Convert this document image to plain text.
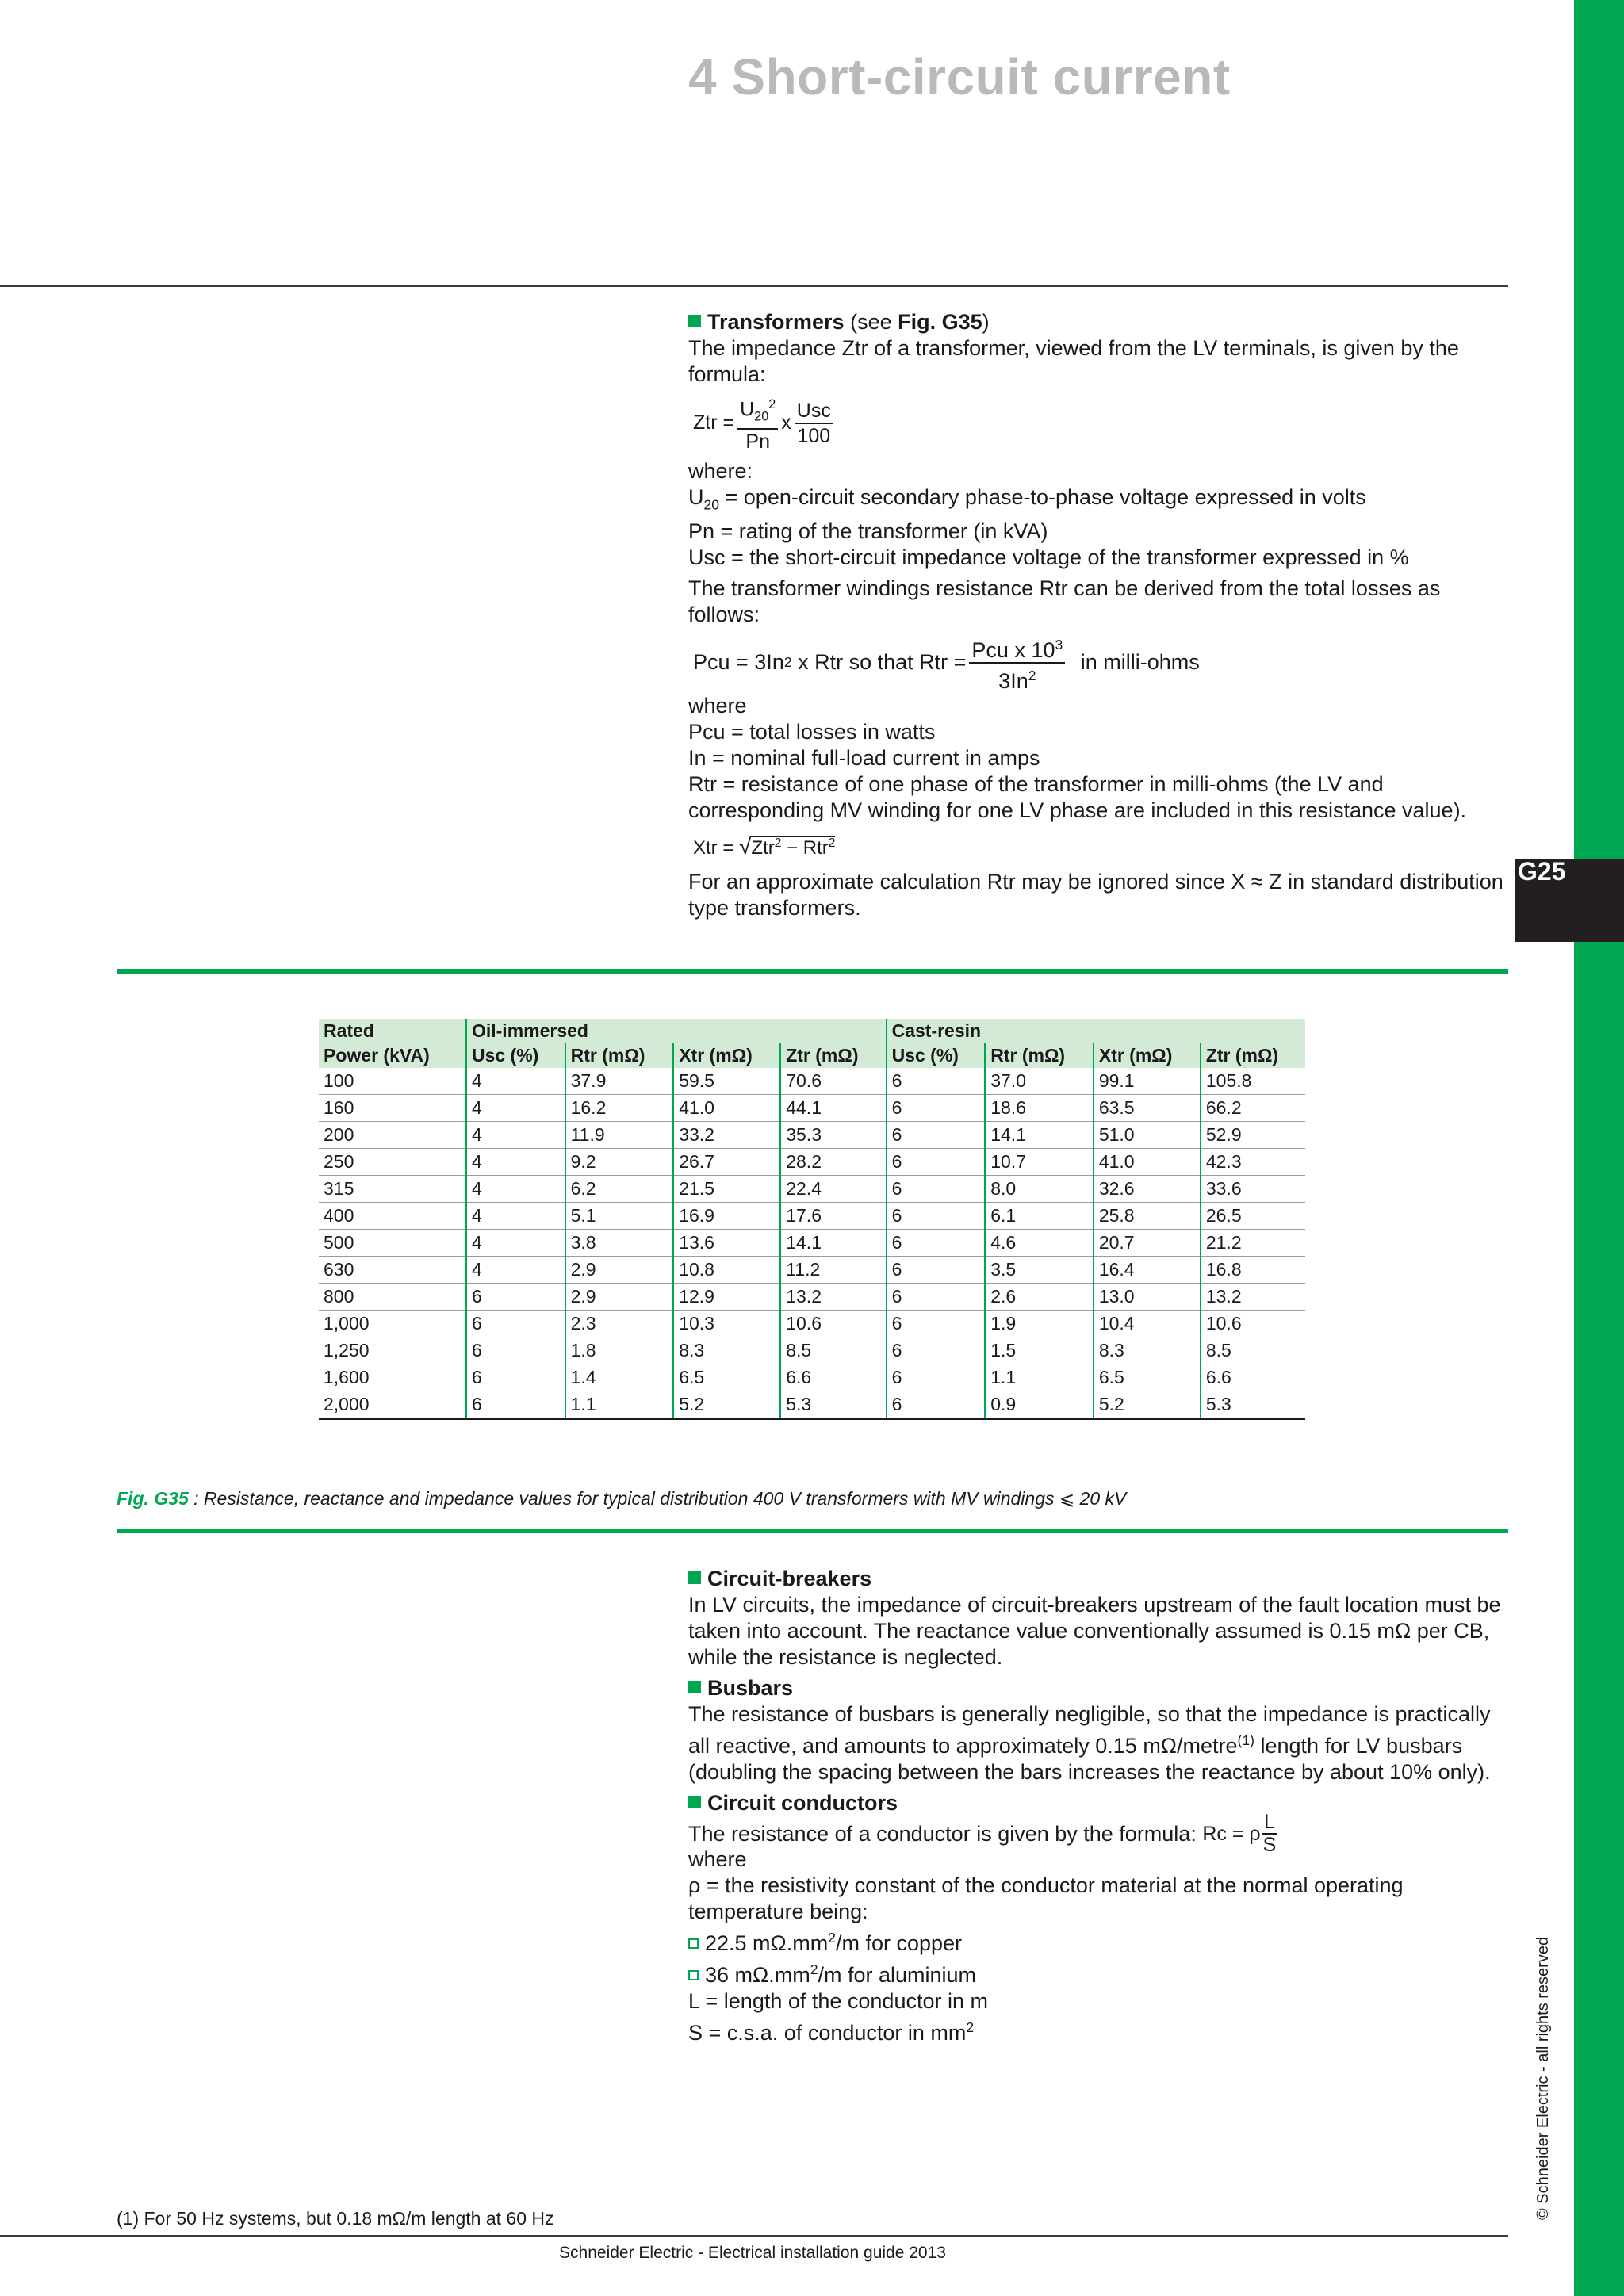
G25
© Schneider Electric - all rights reserved
4 Short-circuit current

Transformers (see Fig. G35)

The impedance Ztr of a transformer, viewed from the LV terminals, is given by the formula:

Ztr = $\frac{U_{20}^2}{Pn}$ x $\frac{\text{Usc}}{100}$

where:

$U_{20}$ = open-circuit secondary phase-to-phase voltage expressed in volts

Pn = rating of the transformer (in kVA)

Usc = the short-circuit impedance voltage of the transformer expressed in %

The transformer windings resistance Rtr can be derived from the total losses as follows:

Pcu = 3In 2 x Rtr so that Rtr = $\frac{Pcu x 10^3}{3In^2}$ in milli-ohms

where

Pcu = total losses in watts

In = nominal full-load current in amps

Rtr = resistance of one phase of the transformer in milli-ohms (the LV and corresponding MV winding for one LV phase are included in this resistance value).

Xtr = √Ztr$^2$ − Rtr$^2$

For an approximate calculation Rtr may be ignored since X ≈ Z in standard distribution type transformers.

Rated	Oil-immersed				Cast-resin			
Power (kVA)	Usc (%)	Rtr (mΩ)	Xtr (mΩ)	Ztr (mΩ)	Usc (%)	Rtr (mΩ)	Xtr (mΩ)	Ztr (mΩ)
100	4	37.9	59.5	70.6	6	37.0	99.1	105.8
160	4	16.2	41.0	44.1	6	18.6	63.5	66.2
200	4	11.9	33.2	35.3	6	14.1	51.0	52.9
250	4	9.2	26.7	28.2	6	10.7	41.0	42.3
315	4	6.2	21.5	22.4	6	8.0	32.6	33.6
400	4	5.1	16.9	17.6	6	6.1	25.8	26.5
500	4	3.8	13.6	14.1	6	4.6	20.7	21.2
630	4	2.9	10.8	11.2	6	3.5	16.4	16.8
800	6	2.9	12.9	13.2	6	2.6	13.0	13.2
1,000	6	2.3	10.3	10.6	6	1.9	10.4	10.6
1,250	6	1.8	8.3	8.5	6	1.5	8.3	8.5
1,600	6	1.4	6.5	6.6	6	1.1	6.5	6.6
2,000	6	1.1	5.2	5.3	6	0.9	5.2	5.3
Fig. G35 : Resistance, reactance and impedance values for typical distribution 400 V transformers with MV windings ⩽ 20 kV

Circuit-breakers

In LV circuits, the impedance of circuit-breakers upstream of the fault location must be taken into account. The reactance value conventionally assumed is 0.15 mΩ per CB, while the resistance is neglected.

Busbars

The resistance of busbars is generally negligible, so that the impedance is practically all reactive, and amounts to approximately 0.15 mΩ/metre$^{(1)}$ length for LV busbars (doubling the spacing between the bars increases the reactance by about 10% only).

Circuit conductors

The resistance of a conductor is given by the formula: Rc = ρ $\frac{L}{S}$

where

ρ = the resistivity constant of the conductor material at the normal operating temperature being:

22.5 $m\Omega.mm^2/m$ for copper

36 $m\Omega.mm^2/m$ for aluminium

L = length of the conductor in m

S = c.s.a. of conductor in $mm^2$

(1) For 50 Hz systems, but 0.18 mΩ/m length at 60 Hz
Schneider Electric - Electrical installation guide 2013
